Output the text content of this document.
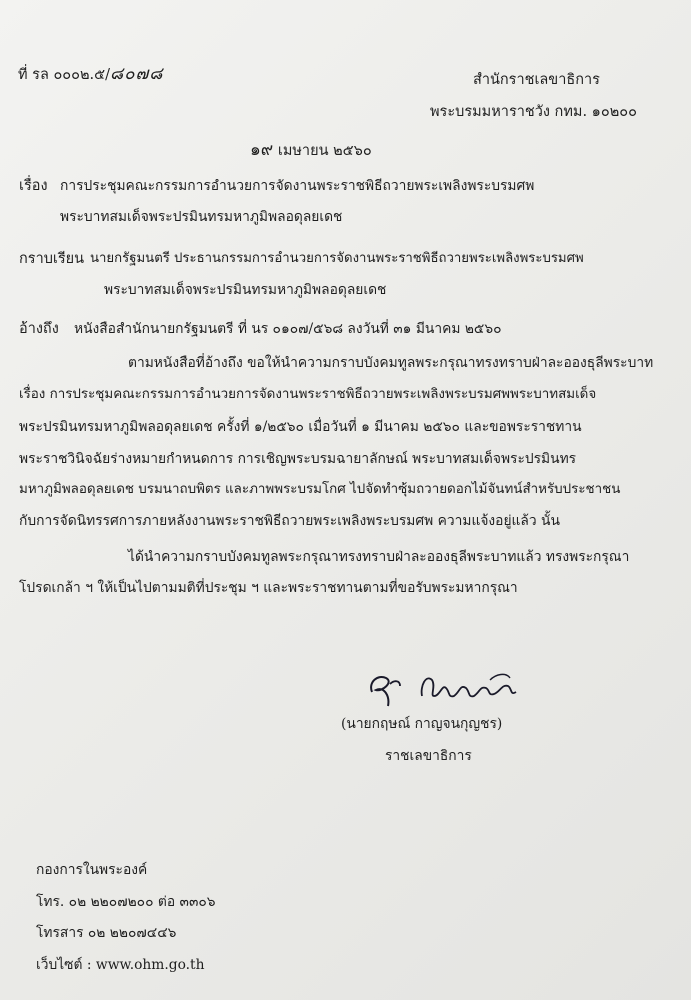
ที่ รล ๐๐๐๒.๕/๘๐๗๘	สำนักราชเลขาธิการ
พระบรมมหาราชวัง กทม. ๑๐๒๐๐
๑๙ เมษายน ๒๕๖๐
เรื่อง การประชุมคณะกรรมการอำนวยการจัดงานพระราชพิธีถวายพระเพลิงพระบรมศพ
พระบาทสมเด็จพระปรมินทรมหาภูมิพลอดุลยเดช
กราบเรียน นายกรัฐมนตรี ประธานกรรมการอำนวยการจัดงานพระราชพิธีถวายพระเพลิงพระบรมศพ
พระบาทสมเด็จพระปรมินทรมหาภูมิพลอดุลยเดช
อ้างถึง หนังสือสำนักนายกรัฐมนตรี ที่ นร ๐๑๐๗/๕๖๘ ลงวันที่ ๓๑ มีนาคม ๒๕๖๐
ตามหนังสือที่อ้างถึง ขอให้นำความกราบบังคมทูลพระกรุณาทรงทราบฝ่าละอองธุลีพระบาท
เรื่อง การประชุมคณะกรรมการอำนวยการจัดงานพระราชพิธีถวายพระเพลิงพระบรมศพพระบาทสมเด็จ
พระปรมินทรมหาภูมิพลอดุลยเดช ครั้งที่ ๑/๒๕๖๐ เมื่อวันที่ ๑ มีนาคม ๒๕๖๐ และขอพระราชทาน
พระราชวินิจฉัยร่างหมายกำหนดการ การเชิญพระบรมฉายาลักษณ์ พระบาทสมเด็จพระปรมินทร
มหาภูมิพลอดุลยเดช บรมนาถบพิตร และภาพพระบรมโกศ ไปจัดทำซุ้มถวายดอกไม้จันทน์สำหรับประชาชน
กับการจัดนิทรรศการภายหลังงานพระราชพิธีถวายพระเพลิงพระบรมศพ ความแจ้งอยู่แล้ว นั้น
ได้นำความกราบบังคมทูลพระกรุณาทรงทราบฝ่าละอองธุลีพระบาทแล้ว ทรงพระกรุณา
โปรดเกล้า ฯ ให้เป็นไปตามมติที่ประชุม ฯ และพระราชทานตามที่ขอรับพระมหากรุณา
(นายกฤษณ์ กาญจนกุญชร)
ราชเลขาธิการ
กองการในพระองค์
โทร. ๐๒ ๒๒๐๗๒๐๐ ต่อ ๓๓๐๖
โทรสาร ๐๒ ๒๒๐๗๔๔๖
เว็บไซต์ : www.ohm.go.th
